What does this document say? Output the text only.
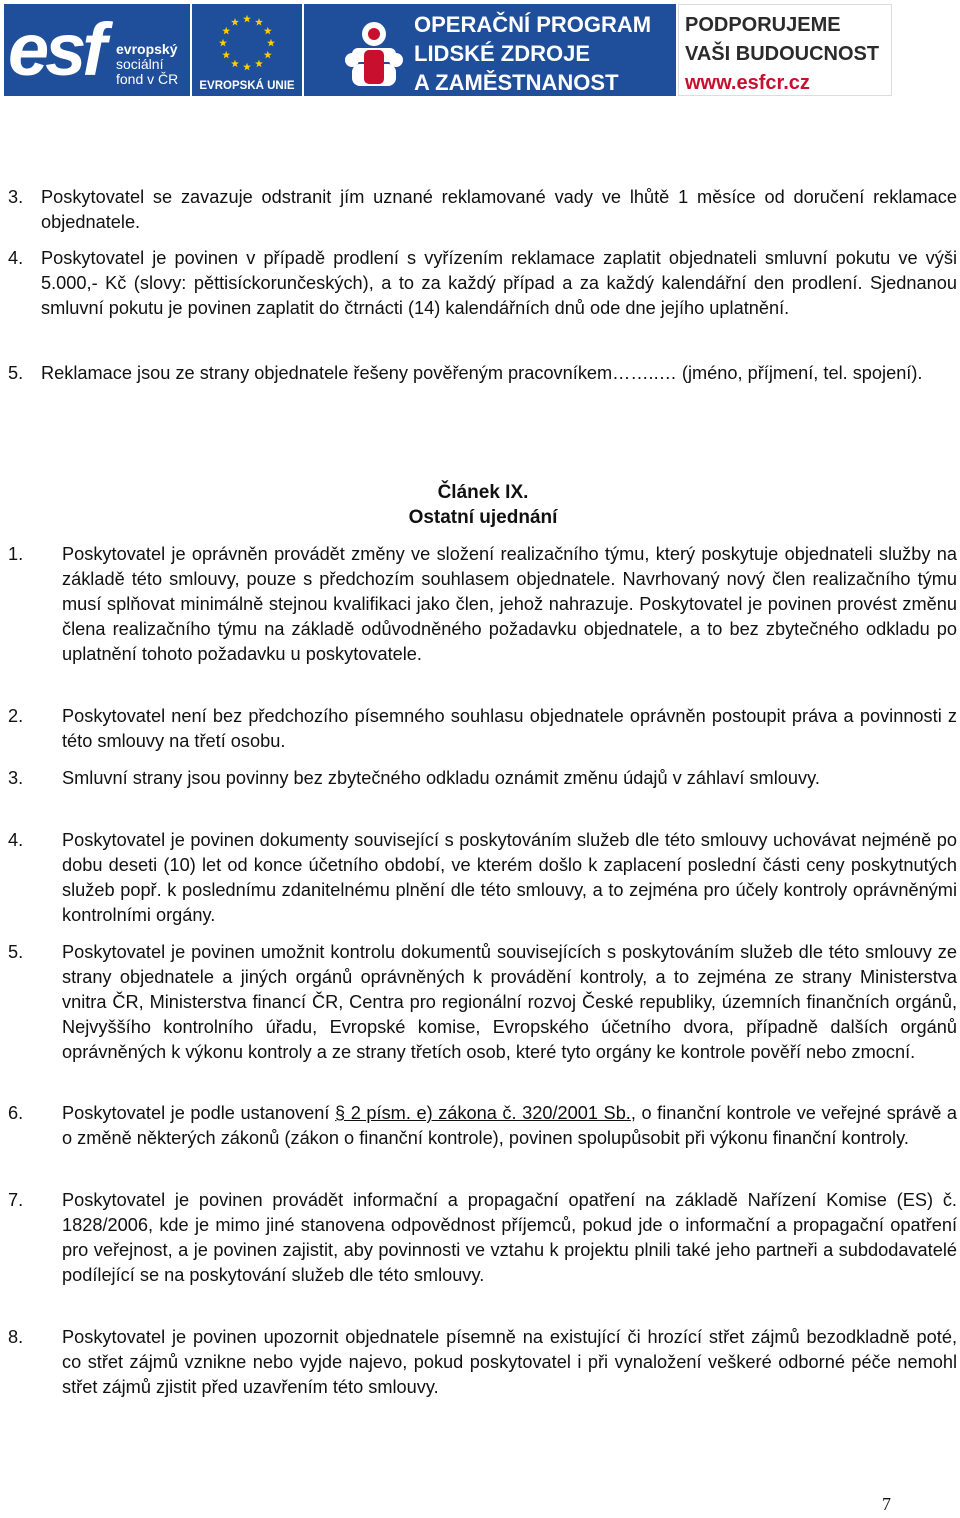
esf evropský
sociální
fond v ČR	EVROPSKÁ UNIE
OPERAČNÍ PROGRAM
LIDSKÉ ZDROJE
A ZAMĚSTNANOST
PODPORUJEME
VAŠI BUDOUCNOST
www.esfcr.cz
3. Poskytovatel se zavazuje odstranit jím uznané reklamované vady ve lhůtě 1 měsíce od doručení reklamace objednatele.
4. Poskytovatel je povinen v případě prodlení s vyřízením reklamace zaplatit objednateli smluvní pokutu ve výši 5.000,- Kč (slovy: pěttisíckorunčeských), a to za každý případ a za každý kalendářní den prodlení. Sjednanou smluvní pokutu je povinen zaplatit do čtrnácti (14) kalendářních dnů ode dne jejího uplatnění.
5. Reklamace jsou ze strany objednatele řešeny pověřeným pracovníkem……..… (jméno, příjmení, tel. spojení).
Článek IX.
Ostatní ujednání
1. Poskytovatel je oprávněn provádět změny ve složení realizačního týmu, který poskytuje objednateli služby na základě této smlouvy, pouze s předchozím souhlasem objednatele. Navrhovaný nový člen realizačního týmu musí splňovat minimálně stejnou kvalifikaci jako člen, jehož nahrazuje. Poskytovatel je povinen provést změnu člena realizačního týmu na základě odůvodněného požadavku objednatele, a to bez zbytečného odkladu po uplatnění tohoto požadavku u poskytovatele.
2. Poskytovatel není bez předchozího písemného souhlasu objednatele oprávněn postoupit práva a povinnosti z této smlouvy na třetí osobu.
3. Smluvní strany jsou povinny bez zbytečného odkladu oznámit změnu údajů v záhlaví smlouvy.
4. Poskytovatel je povinen dokumenty související s poskytováním služeb dle této smlouvy uchovávat nejméně po dobu deseti (10) let od konce účetního období, ve kterém došlo k zaplacení poslední části ceny poskytnutých služeb popř. k poslednímu zdanitelnému plnění dle této smlouvy, a to zejména pro účely kontroly oprávněnými kontrolními orgány.
5. Poskytovatel je povinen umožnit kontrolu dokumentů souvisejících s poskytováním služeb dle této smlouvy ze strany objednatele a jiných orgánů oprávněných k provádění kontroly, a to zejména ze strany Ministerstva vnitra ČR, Ministerstva financí ČR, Centra pro regionální rozvoj České republiky, územních finančních orgánů, Nejvyššího kontrolního úřadu, Evropské komise, Evropského účetního dvora, případně dalších orgánů oprávněných k výkonu kontroly a ze strany třetích osob, které tyto orgány ke kontrole pověří nebo zmocní.
6. Poskytovatel je podle ustanovení § 2 písm. e) zákona č. 320/2001 Sb., o finanční kontrole ve veřejné správě a o změně některých zákonů (zákon o finanční kontrole), povinen spolupůsobit při výkonu finanční kontroly.
7. Poskytovatel je povinen provádět informační a propagační opatření na základě Nařízení Komise (ES) č. 1828/2006, kde je mimo jiné stanovena odpovědnost příjemců, pokud jde o informační a propagační opatření pro veřejnost, a je povinen zajistit, aby povinnosti ve vztahu k projektu plnili také jeho partneři a subdodavatelé podílející se na poskytování služeb dle této smlouvy.
8. Poskytovatel je povinen upozornit objednatele písemně na existující či hrozící střet zájmů bezodkladně poté, co střet zájmů vznikne nebo vyjde najevo, pokud poskytovatel i při vynaložení veškeré odborné péče nemohl střet zájmů zjistit před uzavřením této smlouvy.
7
